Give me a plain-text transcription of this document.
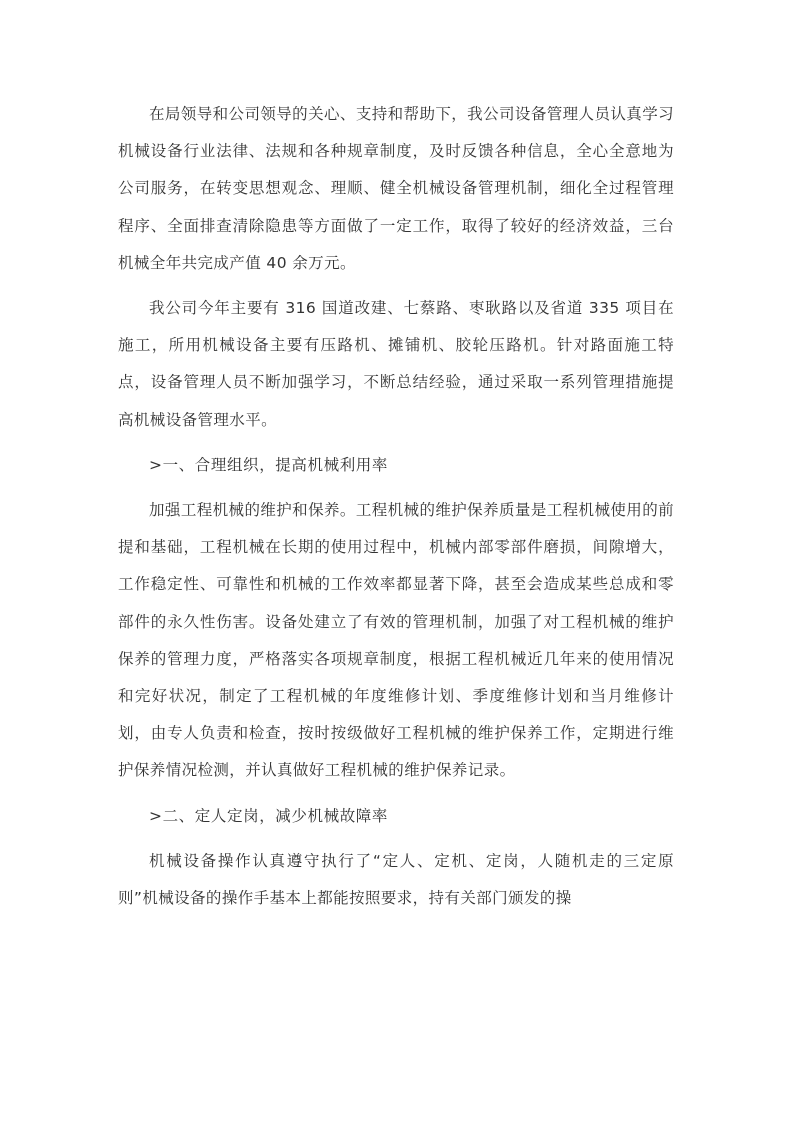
在局领导和公司领导的关心、支持和帮助下，我公司设备管理人员认真学习机械设备行业法律、法规和各种规章制度，及时反馈各种信息，全心全意地为公司服务，在转变思想观念、理顺、健全机械设备管理机制，细化全过程管理程序、全面排查清除隐患等方面做了一定工作，取得了较好的经济效益，三台机械全年共完成产值 40 余万元。

我公司今年主要有 316 国道改建、七蔡路、枣耿路以及省道 335 项目在施工，所用机械设备主要有压路机、摊铺机、胶轮压路机。针对路面施工特点，设备管理人员不断加强学习，不断总结经验，通过采取一系列管理措施提高机械设备管理水平。

>一、合理组织，提高机械利用率

加强工程机械的维护和保养。工程机械的维护保养质量是工程机械使用的前提和基础，工程机械在长期的使用过程中，机械内部零部件磨损，间隙增大，工作稳定性、可靠性和机械的工作效率都显著下降，甚至会造成某些总成和零部件的永久性伤害。设备处建立了有效的管理机制，加强了对工程机械的维护保养的管理力度，严格落实各项规章制度，根据工程机械近几年来的使用情况和完好状况，制定了工程机械的年度维修计划、季度维修计划和当月维修计划，由专人负责和检查，按时按级做好工程机械的维护保养工作，定期进行维护保养情况检测，并认真做好工程机械的维护保养记录。

>二、定人定岗，减少机械故障率

机械设备操作认真遵守执行了“定人、定机、定岗，人随机走的三定原则”机械设备的操作手基本上都能按照要求，持有关部门颁发的操
